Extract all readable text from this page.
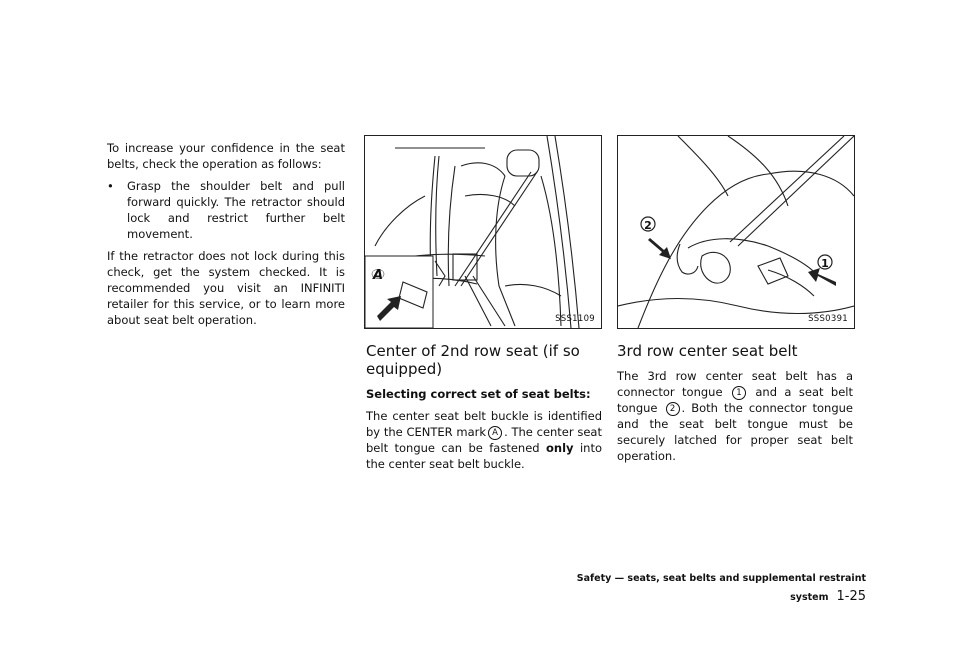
To increase your confidence in the seat belts, check the operation as follows:

• Grasp the shoulder belt and pull forward quickly. The retractor should lock and restrict further belt movement.

If the retractor does not lock during this check, get the system checked. It is recommended you visit an INFINITI retailer for this service, or to learn more about seat belt operation.

A
SSS1109
1
2
SSS0391
Center of 2nd row seat (if so equipped)

Selecting correct set of seat belts:

The center seat belt buckle is identified by the CENTER mark A . The center seat belt tongue can be fastened only into the center seat belt buckle.

3rd row center seat belt

The 3rd row center seat belt has a connector tongue 1 and a seat belt tongue 2 . Both the connector tongue and the seat belt tongue must be securely latched for proper seat belt operation.

Safety — seats, seat belts and supplemental restraint system 1-25
